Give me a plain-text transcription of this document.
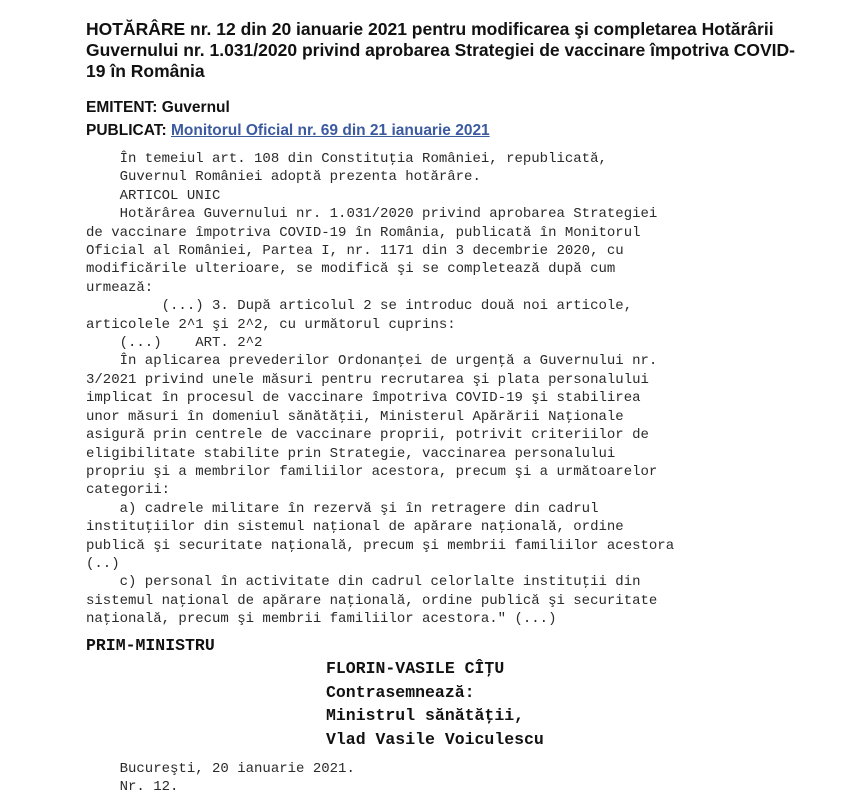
HOTĂRÂRE nr. 12 din 20 ianuarie 2021 pentru modificarea şi completarea Hotărârii Guvernului nr. 1.031/2020 privind aprobarea Strategiei de vaccinare împotriva COVID-19 în România
EMITENT: Guvernul
PUBLICAT: Monitorul Oficial nr. 69 din 21 ianuarie 2021
În temeiul art. 108 din Constituţia României, republicată,
Guvernul României adoptă prezenta hotărâre.
ARTICOL UNIC
Hotărârea Guvernului nr. 1.031/2020 privind aprobarea Strategiei
de vaccinare împotriva COVID-19 în România, publicată în Monitorul
Oficial al României, Partea I, nr. 1171 din 3 decembrie 2020, cu
modificările ulterioare, se modifică şi se completează după cum
urmează:
(...) 3. După articolul 2 se introduc două noi articole,
articolele 2^1 şi 2^2, cu următorul cuprins:
(...)    ART. 2^2
În aplicarea prevederilor Ordonanţei de urgenţă a Guvernului nr.
3/2021 privind unele măsuri pentru recrutarea şi plata personalului
implicat în procesul de vaccinare împotriva COVID-19 şi stabilirea
unor măsuri în domeniul sănătăţii, Ministerul Apărării Naţionale
asigură prin centrele de vaccinare proprii, potrivit criteriilor de
eligibilitate stabilite prin Strategie, vaccinarea personalului
propriu şi a membrilor familiilor acestora, precum şi a următoarelor
categorii:
a) cadrele militare în rezervă şi în retragere din cadrul
instituţiilor din sistemul naţional de apărare naţională, ordine
publică şi securitate naţională, precum şi membrii familiilor acestora
(..)
c) personal în activitate din cadrul celorlalte instituţii din
sistemul naţional de apărare naţională, ordine publică şi securitate
naţională, precum şi membrii familiilor acestora." (...)
PRIM-MINISTRU
FLORIN-VASILE CÎŢU
Contrasemnează:
Ministrul sănătăţii,
Vlad Vasile Voiculescu
Bucureşti, 20 ianuarie 2021.
Nr. 12.
